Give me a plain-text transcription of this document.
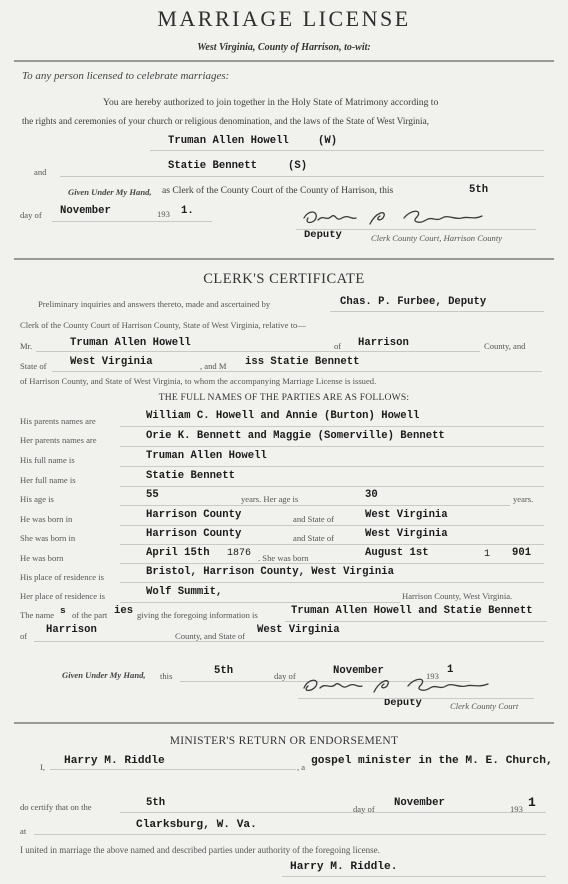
MARRIAGE LICENSE
West Virginia, County of Harrison, to-wit:
To any person licensed to celebrate marriages:
You are hereby authorized to join together in the Holy State of Matrimony according to
the rights and ceremonies of your church or religious denomination, and the laws of the State of West Virginia,
Truman Allen Howell	(W)
and	Statie Bennett	(S)
Given Under My Hand, as Clerk of the County Court of the County of Harrison, this	5th
day of November	193 1.
Deputy	Clerk County Court, Harrison County
CLERK'S CERTIFICATE
Preliminary inquiries and answers thereto, made and ascertained by	Chas. P. Furbee, Deputy
Clerk of the County Court of Harrison County, State of West Virginia, relative to—
Mr.	Truman Allen Howell	of Harrison	County, and
State of West Virginia	, and M iss Statie Bennett
of Harrison County, and State of West Virginia, to whom the accompanying Marriage License is issued.
THE FULL NAMES OF THE PARTIES ARE AS FOLLOWS:
His parents names are	William C. Howell and Annie (Burton) Howell
Her parents names are	Orie K. Bennett and Maggie (Somerville) Bennett
His full name is	Truman Allen Howell
Her full name is	Statie Bennett
His age is	55	years. Her age is	30	years.
He was born in	Harrison County	and State of	West Virginia
She was born in	Harrison County	and State of	West Virginia
He was born	April 15th 1876 . She was born	August 1st	1 901
His place of residence is	Bristol, Harrison County, West Virginia
Her place of residence is	Wolf Summit,	Harrison County, West Virginia.
The name s of the part ies giving the foregoing information is	Truman Allen Howell and Statie Bennett
of Harrison	County, and State of West Virginia
Given Under My Hand, this	5th	day of	November	193 1
Deputy	Clerk County Court
MINISTER'S RETURN OR ENDORSEMENT
I, Harry M. Riddle	, a gospel minister in the M. E. Church,
do certify that on the	5th	day of November	193 1
at	Clarksburg, W. Va.
I united in marriage the above named and described parties under authority of the foregoing license.
Harry M. Riddle.
